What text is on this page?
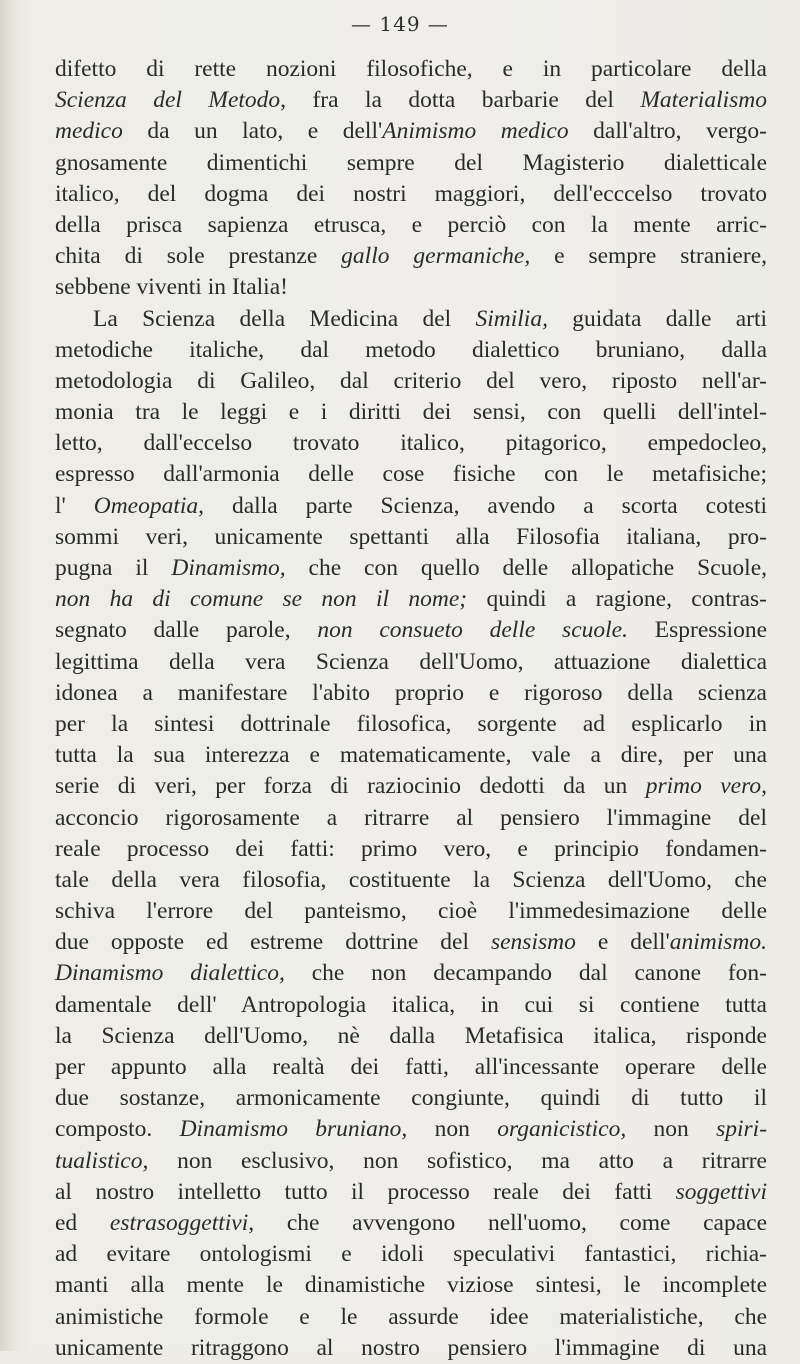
— 149 —
difetto di rette nozioni filosofiche, e in particolare della
Scienza del Metodo, fra la dotta barbarie del Materialismo
medico da un lato, e dell'Animismo medico dall'altro, vergo-
gnosamente dimentichi sempre del Magisterio dialetticale
italico, del dogma dei nostri maggiori, dell'ecccelso trovato
della prisca sapienza etrusca, e perciò con la mente arric-
chita di sole prestanze gallo germaniche, e sempre straniere,
sebbene viventi in Italia!
La Scienza della Medicina del Similia, guidata dalle arti
metodiche italiche, dal metodo dialettico bruniano, dalla
metodologia di Galileo, dal criterio del vero, riposto nell'ar-
monia tra le leggi e i diritti dei sensi, con quelli dell'intel-
letto, dall'eccelso trovato italico, pitagorico, empedocleo,
espresso dall'armonia delle cose fisiche con le metafisiche;
l' Omeopatia, dalla parte Scienza, avendo a scorta cotesti
sommi veri, unicamente spettanti alla Filosofia italiana, pro-
pugna il Dinamismo, che con quello delle allopatiche Scuole,
non ha di comune se non il nome; quindi a ragione, contras-
segnato dalle parole, non consueto delle scuole. Espressione
legittima della vera Scienza dell'Uomo, attuazione dialettica
idonea a manifestare l'abito proprio e rigoroso della scienza
per la sintesi dottrinale filosofica, sorgente ad esplicarlo in
tutta la sua interezza e matematicamente, vale a dire, per una
serie di veri, per forza di raziocinio dedotti da un primo vero,
acconcio rigorosamente a ritrarre al pensiero l'immagine del
reale processo dei fatti: primo vero, e principio fondamen-
tale della vera filosofia, costituente la Scienza dell'Uomo, che
schiva l'errore del panteismo, cioè l'immedesimazione delle
due opposte ed estreme dottrine del sensismo e dell'animismo.
Dinamismo dialettico, che non decampando dal canone fon-
damentale dell' Antropologia italica, in cui si contiene tutta
la Scienza dell'Uomo, nè dalla Metafisica italica, risponde
per appunto alla realtà dei fatti, all'incessante operare delle
due sostanze, armonicamente congiunte, quindi di tutto il
composto. Dinamismo bruniano, non organicistico, non spiri-
tualistico, non esclusivo, non sofistico, ma atto a ritrarre
al nostro intelletto tutto il processo reale dei fatti soggettivi
ed estrasoggettivi, che avvengono nell'uomo, come capace
ad evitare ontologismi e idoli speculativi fantastici, richia-
manti alla mente le dinamistiche viziose sintesi, le incomplete
animistiche formole e le assurde idee materialistiche, che
unicamente ritraggono al nostro pensiero l'immagine di una
